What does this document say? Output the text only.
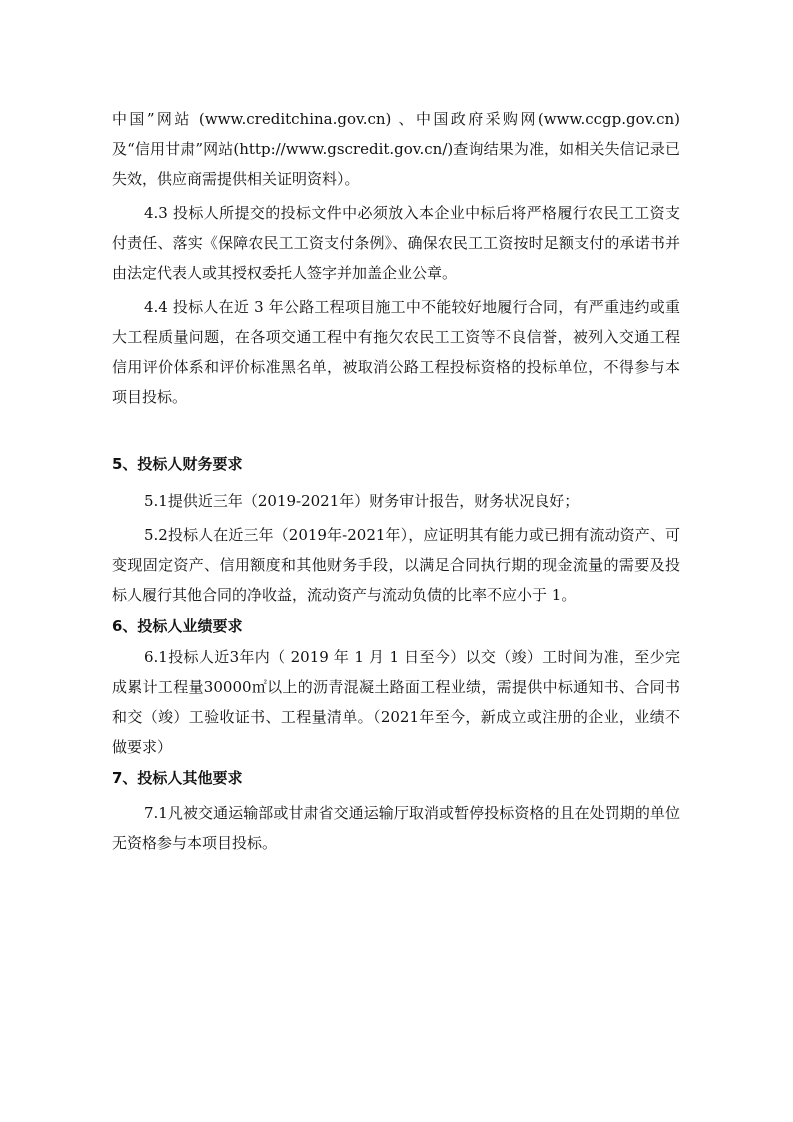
中国”网站 (www.creditchina.gov.cn) 、中国政府采购网(www.ccgp.gov.cn) 及“信用甘肃”网站(http://www.gscredit.gov.cn/)查询结果为准，如相关失信记录已失效，供应商需提供相关证明资料）。

4.3 投标人所提交的投标文件中必须放入本企业中标后将严格履行农民工工资支付责任、落实《保障农民工工资支付条例》、确保农民工工资按时足额支付的承诺书并由法定代表人或其授权委托人签字并加盖企业公章。

4.4 投标人在近 3 年公路工程项目施工中不能较好地履行合同，有严重违约或重大工程质量问题，在各项交通工程中有拖欠农民工工资等不良信誉，被列入交通工程信用评价体系和评价标准黑名单，被取消公路工程投标资格的投标单位，不得参与本项目投标。

5、投标人财务要求

5.1提供近三年（2019-2021年）财务审计报告，财务状况良好；

5.2投标人在近三年（2019年-2021年），应证明其有能力或已拥有流动资产、可变现固定资产、信用额度和其他财务手段，以满足合同执行期的现金流量的需要及投标人履行其他合同的净收益，流动资产与流动负债的比率不应小于 1。

6、投标人业绩要求

6.1投标人近3年内（ 2019 年 1 月 1 日至今）以交（竣）工时间为准，至少完成累计工程量30000㎡以上的沥青混凝土路面工程业绩，需提供中标通知书、合同书和交（竣）工验收证书、工程量清单。（2021年至今，新成立或注册的企业，业绩不做要求）

7、投标人其他要求

7.1凡被交通运输部或甘肃省交通运输厅取消或暂停投标资格的且在处罚期的单位无资格参与本项目投标。
